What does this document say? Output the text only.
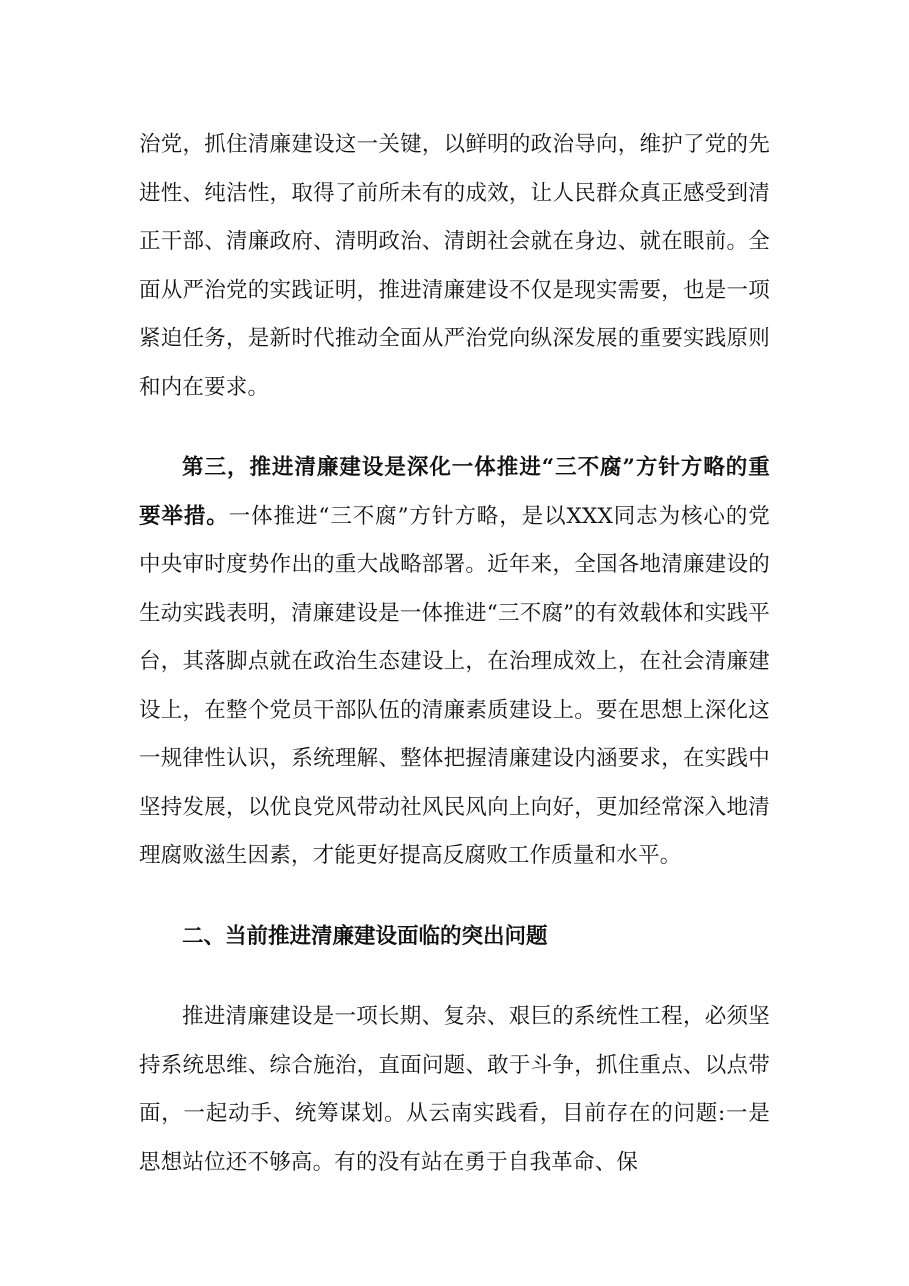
治党，抓住清廉建设这一关键，以鲜明的政治导向，维护了党的先进性、纯洁性，取得了前所未有的成效，让人民群众真正感受到清正干部、清廉政府、清明政治、清朗社会就在身边、就在眼前。全面从严治党的实践证明，推进清廉建设不仅是现实需要，也是一项紧迫任务，是新时代推动全面从严治党向纵深发展的重要实践原则和内在要求。

第三，推进清廉建设是深化一体推进“三不腐”方针方略的重要举措。一体推进“三不腐”方针方略，是以XXX同志为核心的党中央审时度势作出的重大战略部署。近年来，全国各地清廉建设的生动实践表明，清廉建设是一体推进“三不腐”的有效载体和实践平台，其落脚点就在政治生态建设上，在治理成效上，在社会清廉建设上，在整个党员干部队伍的清廉素质建设上。要在思想上深化这一规律性认识，系统理解、整体把握清廉建设内涵要求，在实践中坚持发展，以优良党风带动社风民风向上向好，更加经常深入地清理腐败滋生因素，才能更好提高反腐败工作质量和水平。

二、当前推进清廉建设面临的突出问题

推进清廉建设是一项长期、复杂、艰巨的系统性工程，必须坚持系统思维、综合施治，直面问题、敢于斗争，抓住重点、以点带面，一起动手、统筹谋划。从云南实践看，目前存在的问题:一是思想站位还不够高。有的没有站在勇于自我革命、保
